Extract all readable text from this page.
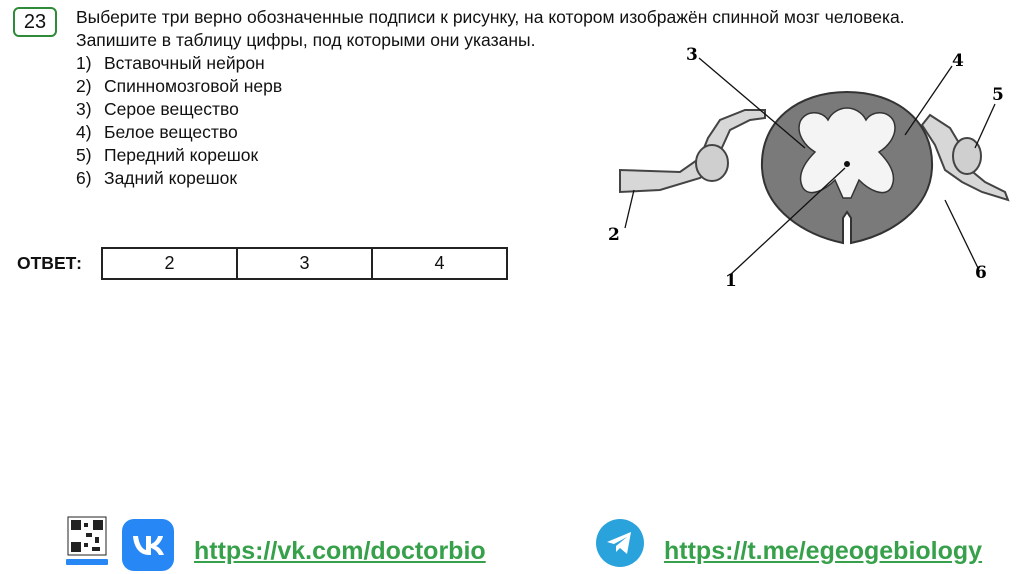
23	Выберите три верно обозначенные подписи к рисунку, на котором изображён спинной мозг человека.

Запишите в таблицу цифры, под которыми они указаны.

1) Вставочный нейрон
2) Спинномозговой нерв
3) Серое вещество
4) Белое вещество
5) Передний корешок
6) Задний корешок
ОТВЕТ:	2	3	4
1
2
3	4
5
6
https://vk.com/doctorbio	https://t.me/egeogebiology
